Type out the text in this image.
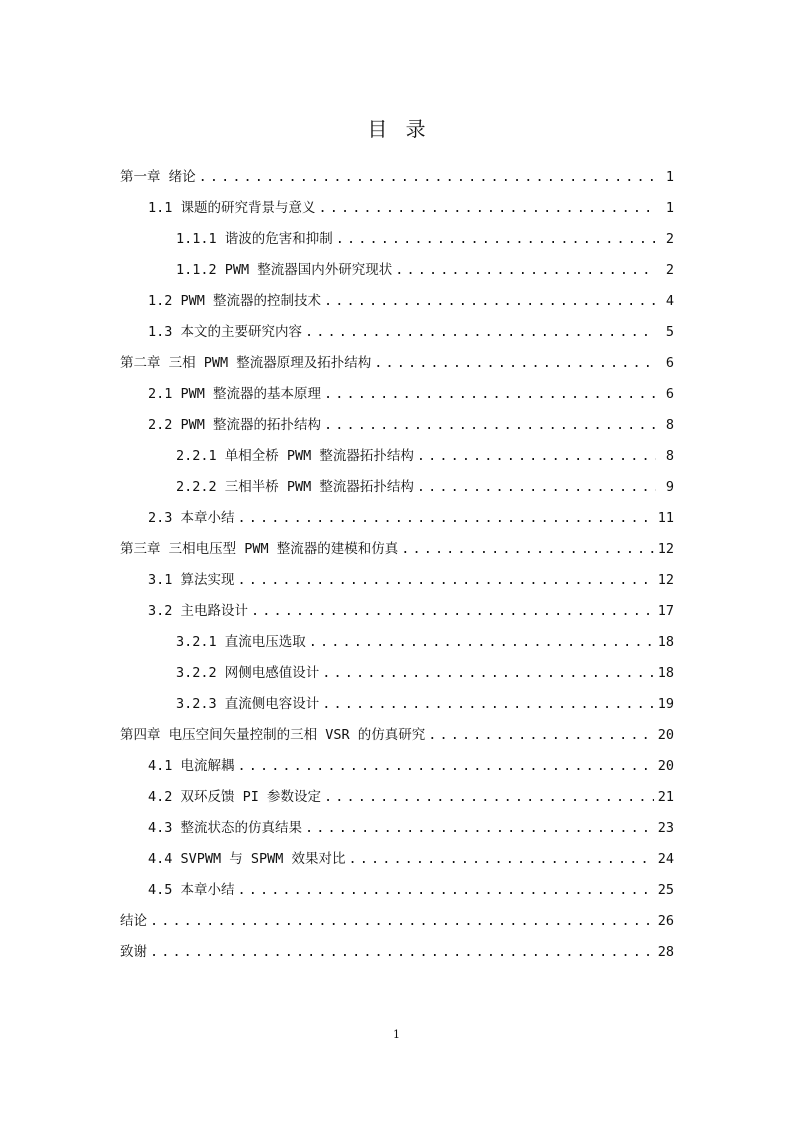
目 录
第一章 绪论 .....	1
1.1 课题的研究背景与意义 .....	1
1.1.1 谐波的危害和抑制 .....	2
1.1.2 PWM 整流器国内外研究现状 .....	2
1.2 PWM 整流器的控制技术 .....	4
1.3 本文的主要研究内容 .....	5
第二章 三相 PWM 整流器原理及拓扑结构 .....	6
2.1 PWM 整流器的基本原理 .....	6
2.2 PWM 整流器的拓扑结构 .....	8
2.2.1 单相全桥 PWM 整流器拓扑结构 .....	8
2.2.2 三相半桥 PWM 整流器拓扑结构 .....	9
2.3 本章小结 .....	11
第三章 三相电压型 PWM 整流器的建模和仿真 .....	12
3.1 算法实现 .....	12
3.2 主电路设计 .....	17
3.2.1 直流电压选取 .....	18
3.2.2 网侧电感值设计 .....	18
3.2.3 直流侧电容设计 .....	19
第四章 电压空间矢量控制的三相 VSR 的仿真研究 .....	20
4.1 电流解耦 .....	20
4.2 双环反馈 PI 参数设定 .....	21
4.3 整流状态的仿真结果 .....	23
4.4 SVPWM 与 SPWM 效果对比 .....	24
4.5 本章小结 .....	25
结论 .....	26
致谢 .....	28
1
